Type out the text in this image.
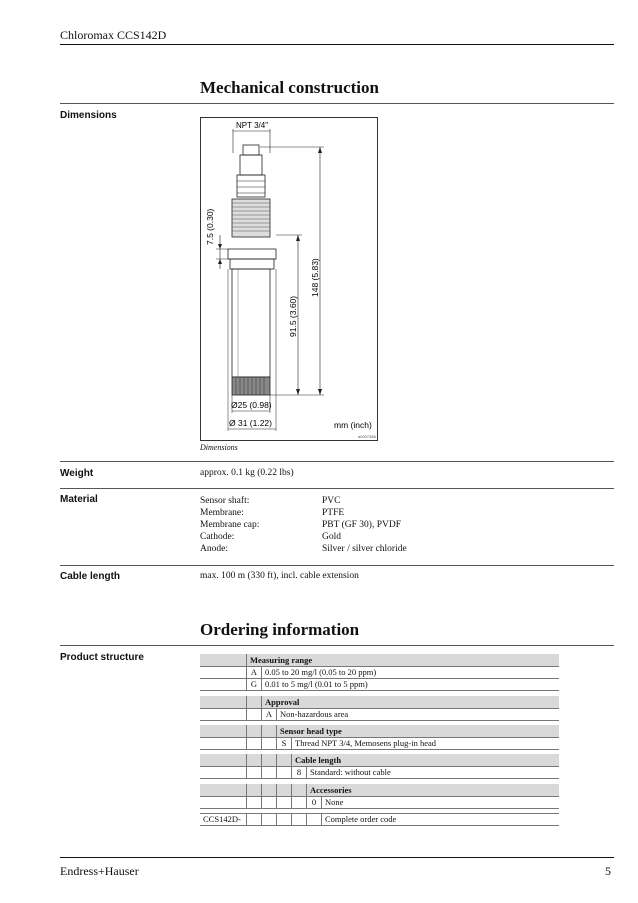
Chloromax CCS142D
Mechanical construction
Dimensions
NPT 3/4"
148 (5.83)
91.5 (3.60)
7.5 (0.30)
Ø25 (0.98)
Ø 31 (1.22)	mm (inch)
a0007386
Dimensions
Weight	approx. 0.1 kg (0.22 lbs)
Material	Sensor shaft:	PVC
Membrane:	PTFE
Membrane cap:	PBT (GF 30), PVDF
Cathode:	Gold
Anode:	Silver / silver chloride
Cable length	max. 100 m (330 ft), incl. cable extension
Ordering information
Product structure	Measuring range
A 0.05 to 20 mg/l (0.05 to 20 ppm)
G 0.01 to 5 mg/l (0.01 to 5 ppm)
Approval
A Non-hazardous area
Sensor head type
S	Thread NPT 3/4, Memosens plug-in head
Cable length
8	Standard: without cable
Accessories
0	None
CCS142D-	Complete order code
Endress+Hauser	5
